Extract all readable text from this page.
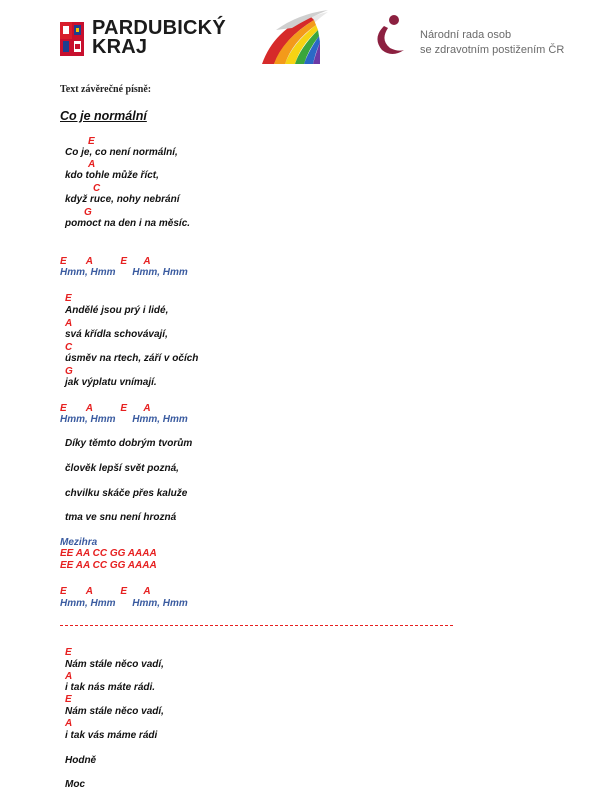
PARDUBICKÝ
KRAJ
Národní rada osob
se zdravotním postižením ČR
Text závěrečné písně:
Co je normální
E
Co je, co není normální,
A
kdo tohle může říct,
C
když ruce, nohy nebrání
G
pomoct na den i na měsíc.
E       A          E      A
Hmm, Hmm      Hmm, Hmm
E
Andělé jsou prý i lidé,
A
svá křídla schovávají,
C
úsměv na rtech, září v očích
G
jak výplatu vnímají.
E       A          E      A
Hmm, Hmm      Hmm, Hmm
Díky těmto dobrým tvorům
člověk lepší svět pozná,
chvilku skáče přes kaluže
tma ve snu není hrozná
Mezihra
EE AA CC GG AAAA
EE AA CC GG AAAA
E       A          E      A
Hmm, Hmm      Hmm, Hmm
E
Nám stále něco vadí,
A
i tak nás máte rádi.
E
Nám stále něco vadí,
A
i tak vás máme rádi
Hodně
Moc
